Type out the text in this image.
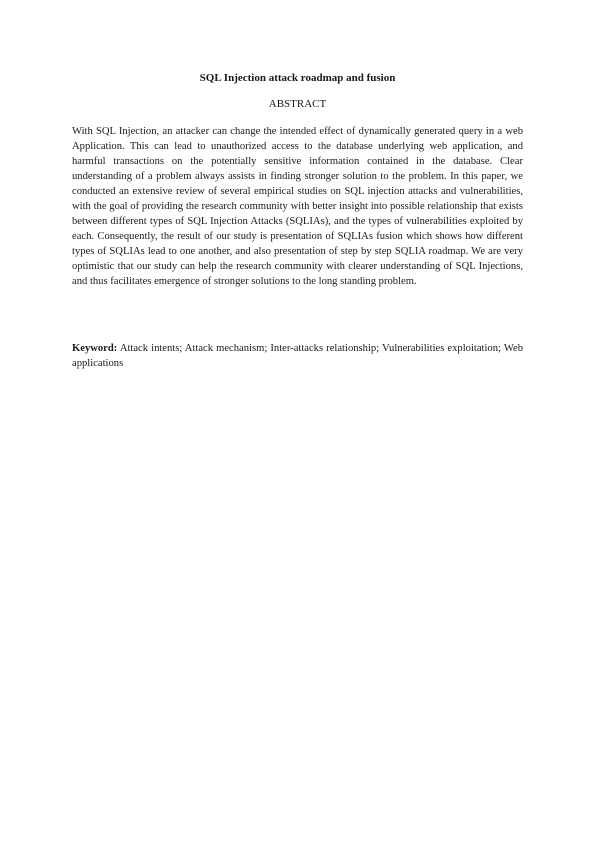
SQL Injection attack roadmap and fusion
ABSTRACT

With SQL Injection, an attacker can change the intended effect of dynamically generated query in a web Application. This can lead to unauthorized access to the database underlying web application, and harmful transactions on the potentially sensitive information contained in the database. Clear understanding of a problem always assists in finding stronger solution to the problem. In this paper, we conducted an extensive review of several empirical studies on SQL injection attacks and vulnerabilities, with the goal of providing the research community with better insight into possible relationship that exists between different types of SQL Injection Attacks (SQLIAs), and the types of vulnerabilities exploited by each. Consequently, the result of our study is presentation of SQLIAs fusion which shows how different types of SQLIAs lead to one another, and also presentation of step by step SQLIA roadmap. We are very optimistic that our study can help the research community with clearer understanding of SQL Injections, and thus facilitates emergence of stronger solutions to the long standing problem.

Keyword: Attack intents; Attack mechanism; Inter-attacks relationship; Vulnerabilities exploitation; Web applications
